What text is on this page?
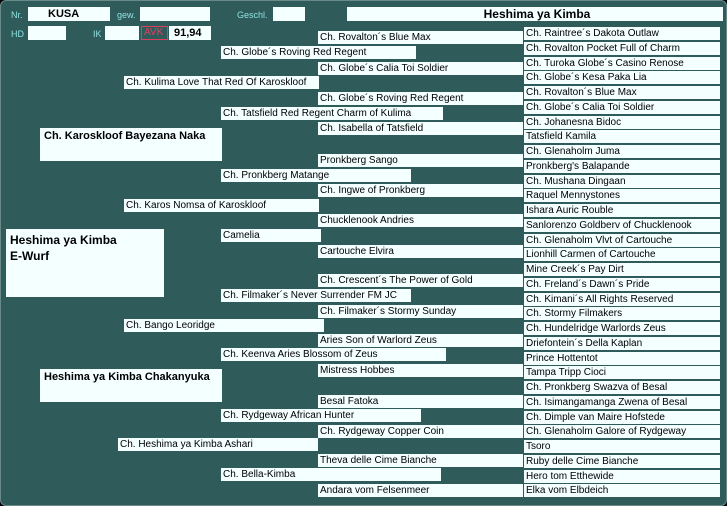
Nr.	KUSA	gew.	Geschl.	Heshima ya Kimba
HD	IK	AVK 91,94
Heshima ya Kimba
E-Wurf
Ch. Karoskloof Bayezana Naka
Heshima ya Kimba Chakanyuka
Ch. Kulima Love That Red Of Karoskloof
Ch. Karos Nomsa of Karoskloof
Ch. Bango Leoridge
Ch. Heshima ya Kimba Ashari
Ch. Globe´s Roving Red Regent
Ch. Tatsfield Red Regent Charm of Kulima
Ch. Pronkberg Matange
Camelia
Ch. Filmaker´s Never Surrender FM JC
Ch. Keenva Aries Blossom of Zeus
Ch. Rydgeway African Hunter
Ch. Bella-Kimba
Ch. Rovalton´s Blue Max
Ch. Globe´s Calia Toi Soldier
Ch. Globe´s Roving Red Regent
Ch. Isabella of Tatsfield
Pronkberg Sango
Ch. Ingwe of Pronkberg
Chucklenook Andries
Cartouche Elvira
Ch. Crescent´s The Power of Gold
Ch. Filmaker´s Stormy Sunday
Aries Son of Warlord Zeus
Mistress Hobbes
Besal Fatoka
Ch. Rydgeway Copper Coin
Theva delle Cime Bianche
Andara vom Felsenmeer
Ch. Raintree´s Dakota Outlaw
Ch. Rovalton Pocket Full of Charm
Ch. Turoka Globe´s Casino Renose
Ch. Globe´s Kesa Paka Lia
Ch. Rovalton´s Blue Max
Ch. Globe´s Calia Toi Soldier
Ch. Johanesna Bidoc
Tatsfield Kamila
Ch. Glenaholm Juma
Pronkberg's Balapande
Ch. Mushana Dingaan
Raquel Mennystones
Ishara Auric Rouble
Sanlorenzo Goldberv of Chucklenook
Ch. Glenaholm Vlvt of Cartouche
Lionhill Carmen of Cartouche
Mine Creek´s Pay Dirt
Ch. Freland´s Dawn´s Pride
Ch. Kimani´s All Rights Reserved
Ch. Stormy Filmakers
Ch. Hundelridge Warlords Zeus
Driefontein´s Della Kaplan
Prince Hottentot
Tampa Tripp Cioci
Ch. Pronkberg Swazva of Besal
Ch. Isimangamanga Zwena of Besal
Ch. Dimple van Maire Hofstede
Ch. Glenaholm Galore of Rydgeway
Tsoro
Ruby delle Cime Bianche
Hero tom Etthewide
Elka vom Elbdeich
